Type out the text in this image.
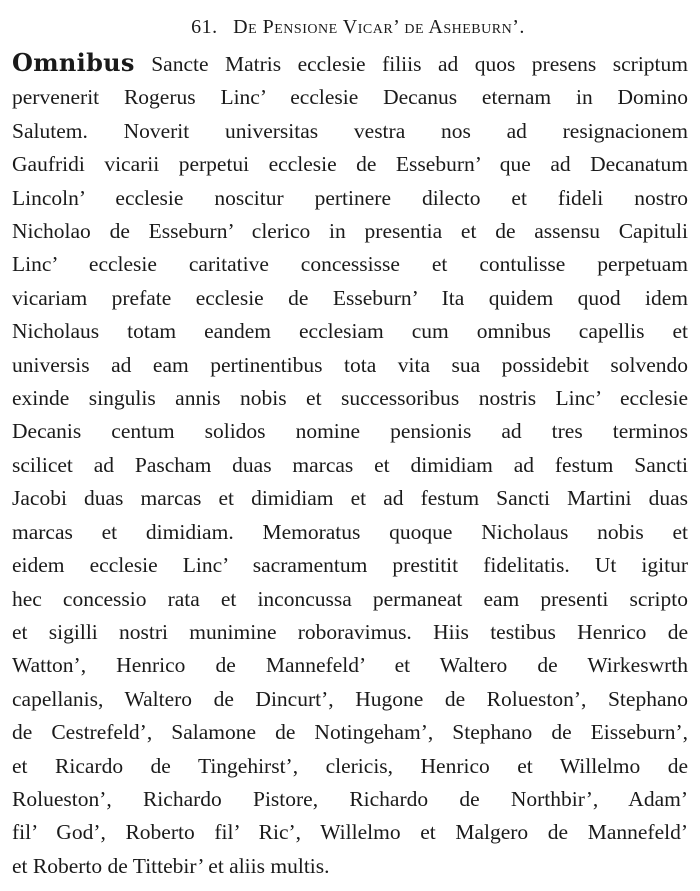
61. De Pensione Vicar’ de Asheburn’.
Omnibus Sancte Matris ecclesie filiis ad quos presens scriptum
pervenerit Rogerus Linc’ ecclesie Decanus eternam in Domino
Salutem. Noverit universitas vestra nos ad resignacionem
Gaufridi vicarii perpetui ecclesie de Esseburn’ que ad Decanatum
Lincoln’ ecclesie noscitur pertinere dilecto et fideli nostro
Nicholao de Esseburn’ clerico in presentia et de assensu Capituli
Linc’ ecclesie caritative concessisse et contulisse perpetuam
vicariam prefate ecclesie de Esseburn’ Ita quidem quod idem
Nicholaus totam eandem ecclesiam cum omnibus capellis et
universis ad eam pertinentibus tota vita sua possidebit solvendo
exinde singulis annis nobis et successoribus nostris Linc’ ecclesie
Decanis centum solidos nomine pensionis ad tres terminos
scilicet ad Pascham duas marcas et dimidiam ad festum Sancti
Jacobi duas marcas et dimidiam et ad festum Sancti Martini duas
marcas et dimidiam. Memoratus quoque Nicholaus nobis et
eidem ecclesie Linc’ sacramentum prestitit fidelitatis. Ut igitur
hec concessio rata et inconcussa permaneat eam presenti scripto
et sigilli nostri munimine roboravimus. Hiis testibus Henrico de
Watton’, Henrico de Mannefeld’ et Waltero de Wirkeswrth
capellanis, Waltero de Dincurt’, Hugone de Rolueston’, Stephano
de Cestrefeld’, Salamone de Notingeham’, Stephano de Eisseburn’,
et Ricardo de Tingehirst’, clericis, Henrico et Willelmo de
Rolueston’, Richardo Pistore, Richardo de Northbir’, Adam’
fil’ God’, Roberto fil’ Ric’, Willelmo et Malgero de Mannefeld’
et Roberto de Tittebir’ et aliis multis.
